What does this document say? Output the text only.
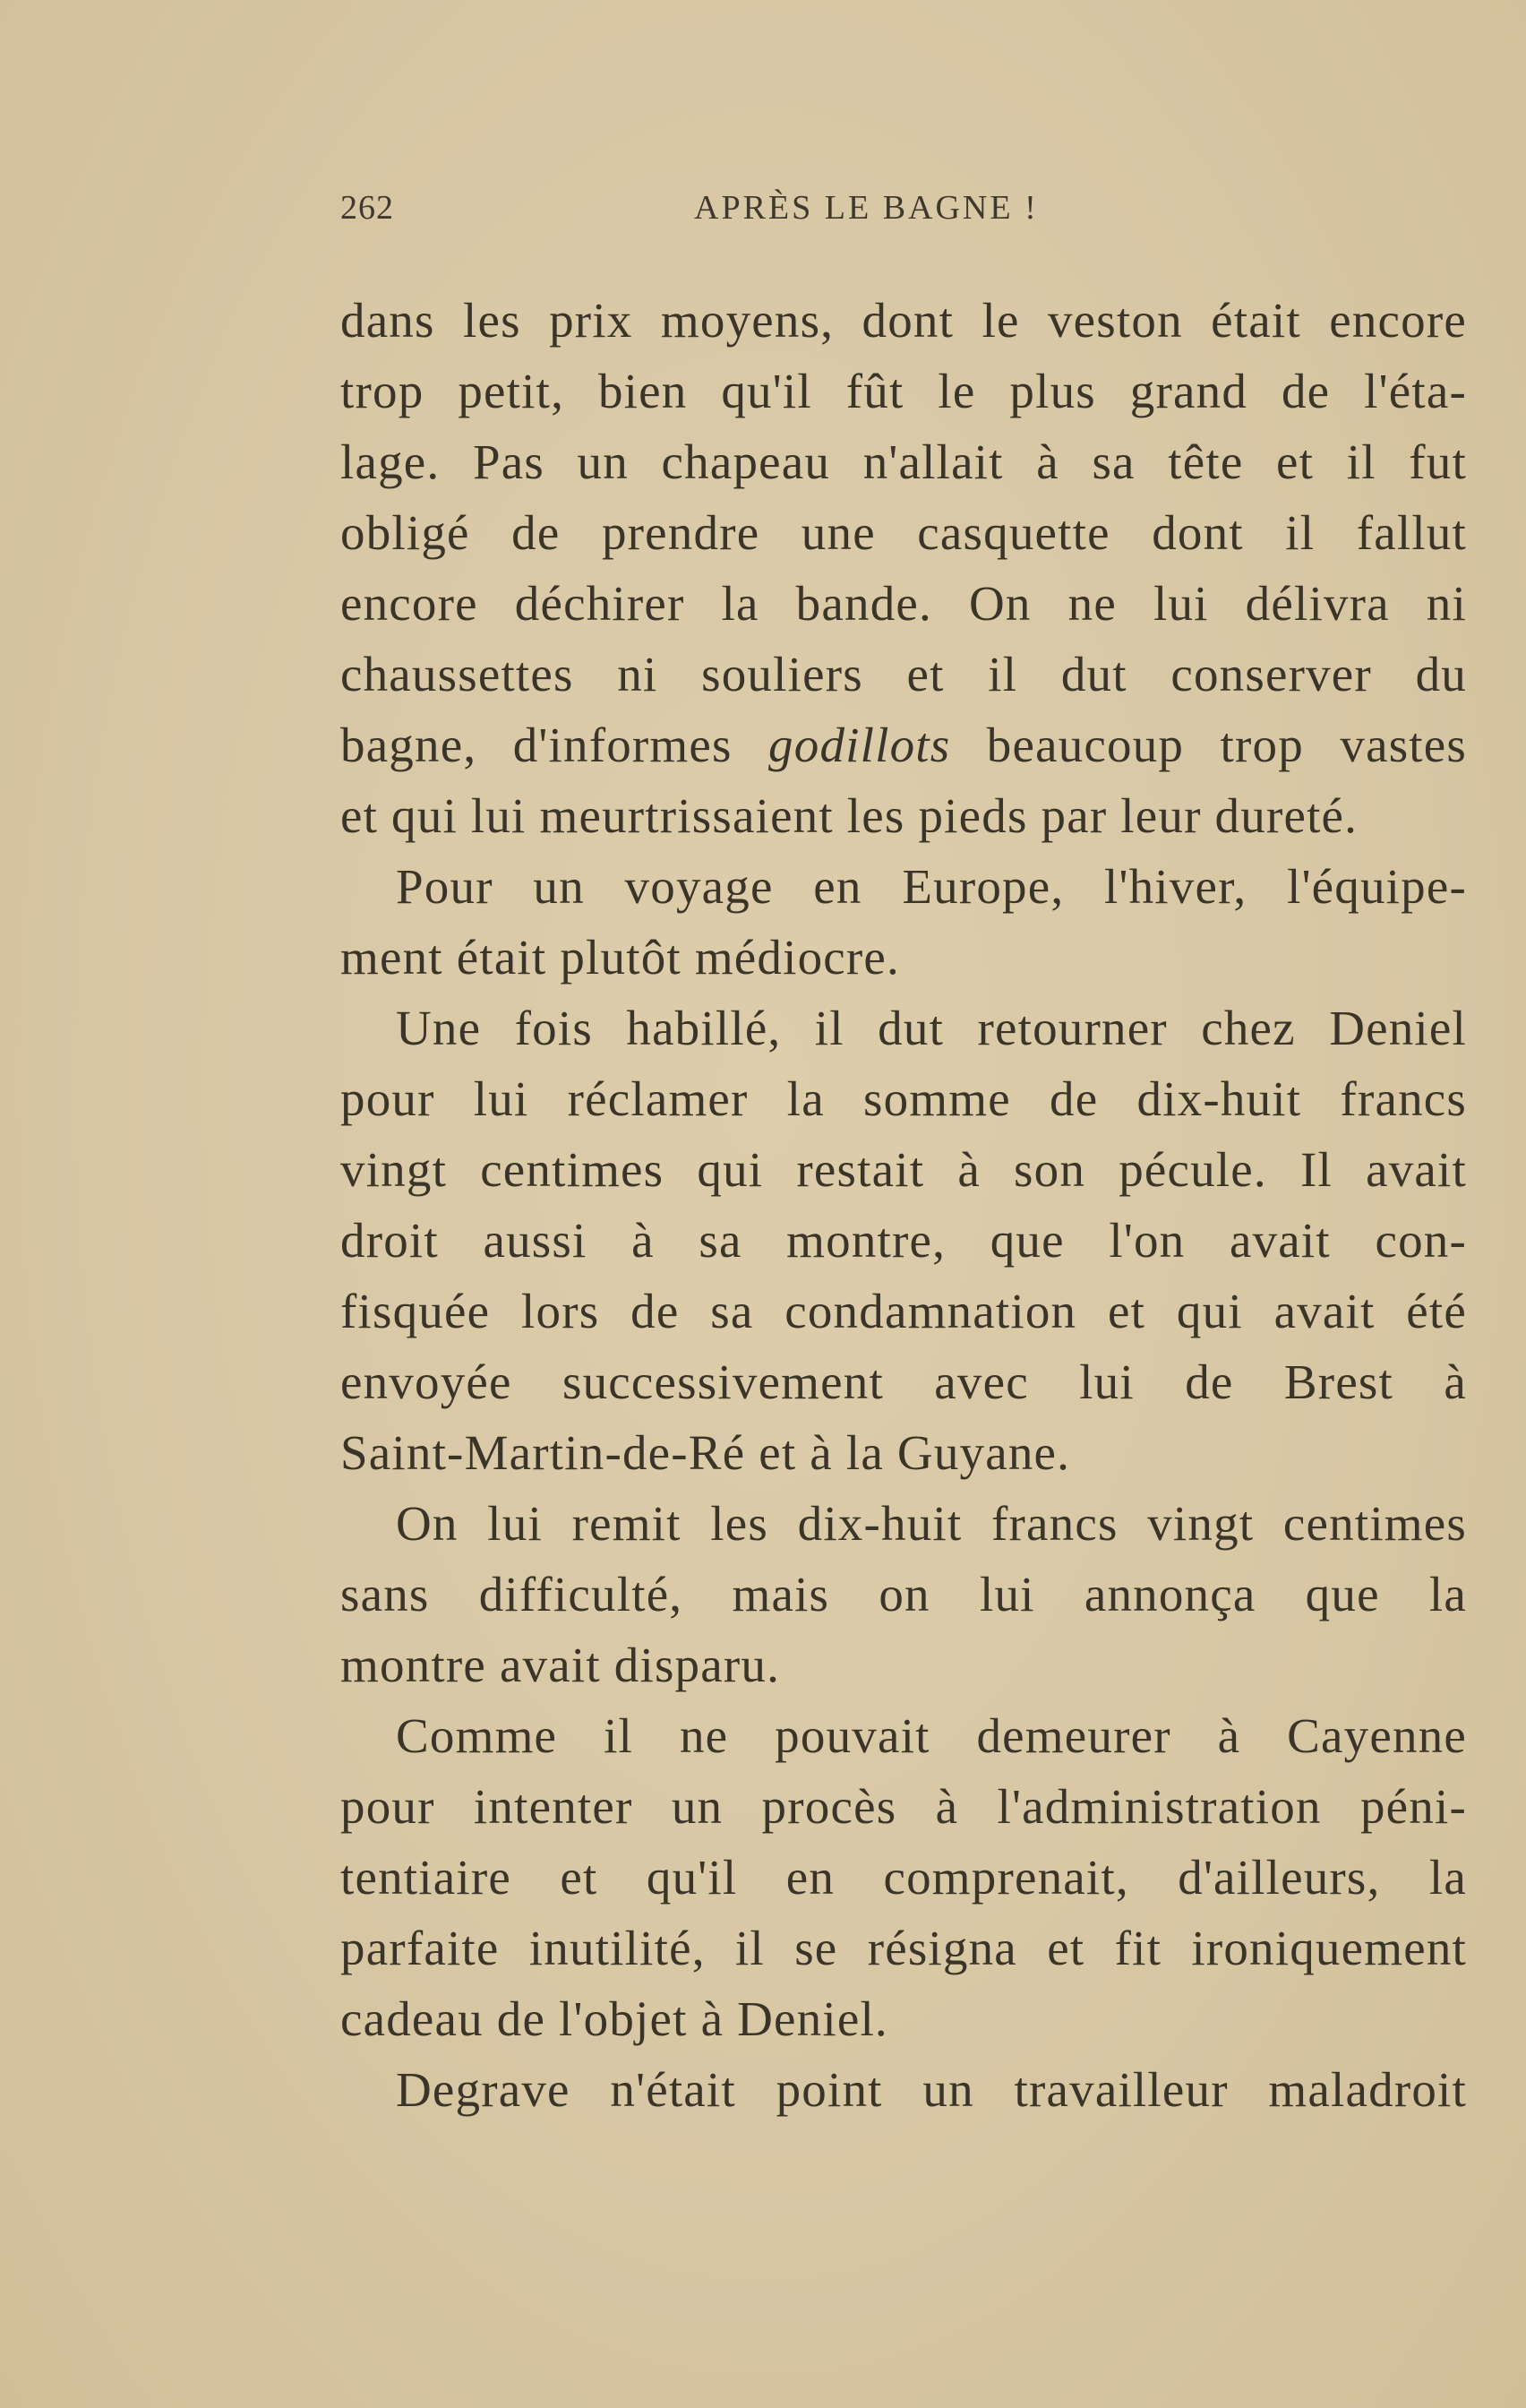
262	APRÈS LE BAGNE !

dans les prix moyens, dont le veston était encore
trop petit, bien qu'il fût le plus grand de l'éta-
lage. Pas un chapeau n'allait à sa tête et il fut
obligé de prendre une casquette dont il fallut
encore déchirer la bande. On ne lui délivra ni
chaussettes ni souliers et il dut conserver du
bagne, d'informes godillots beaucoup trop vastes
et qui lui meurtrissaient les pieds par leur dureté.

Pour un voyage en Europe, l'hiver, l'équipe-
ment était plutôt médiocre.

Une fois habillé, il dut retourner chez Deniel
pour lui réclamer la somme de dix-huit francs
vingt centimes qui restait à son pécule. Il avait
droit aussi à sa montre, que l'on avait con-
fisquée lors de sa condamnation et qui avait été
envoyée successivement avec lui de Brest à
Saint-Martin-de-Ré et à la Guyane.

On lui remit les dix-huit francs vingt centimes
sans difficulté, mais on lui annonça que la
montre avait disparu.

Comme il ne pouvait demeurer à Cayenne
pour intenter un procès à l'administration péni-
tentiaire et qu'il en comprenait, d'ailleurs, la
parfaite inutilité, il se résigna et fit ironiquement
cadeau de l'objet à Deniel.

Degrave n'était point un travailleur maladroit
